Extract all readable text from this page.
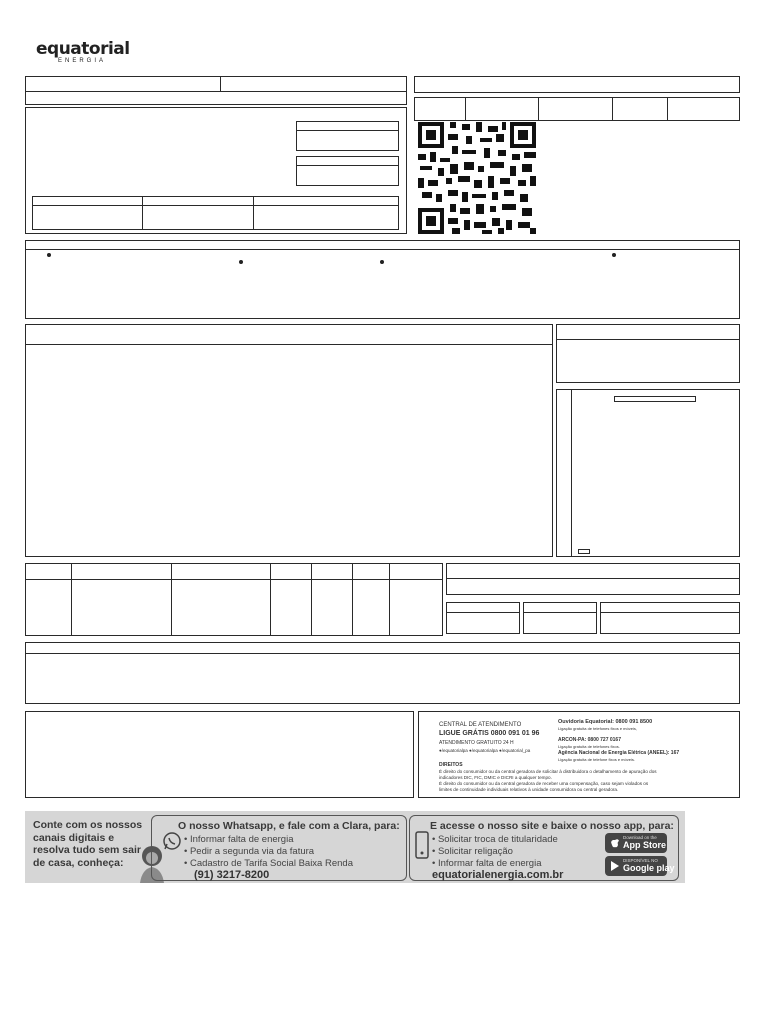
equatorial
ENERGIA
CENTRAL DE ATENDIMENTO
LIGUE GRÁTIS 0800 091 01 96
ATENDIMENTO GRATUITO 24 H
●/equatorialpa ●/equatorialpa ●/equatorial_pa
Ouvidoria Equatorial: 0800 091 8500
Ligação gratuita de telefones fixos e móveis,
ARCON-PA: 0800 727 0167
Ligação gratuita de telefones fixos.
Agência Nacional de Energia Elétrica (ANEEL): 167
Ligação gratuita de telefone fixos e móveis.
DIREITOS
É direito do consumidor ou da central geradora de solicitar à distribuidora o detalhamento de apuração dos
indicadores DIC, FIC, DMIC e DICRI a qualquer tempo.
É direito do consumidor ou da central geradora de receber uma compensação, caso sejam violados os
limites de continuidade individuais relativos à unidade consumidora ou central geradora.
Conte com os nossos canais digitais e resolva tudo sem sair de casa, conheça:
O nosso Whatsapp, e fale com a Clara, para:
• Informar falta de energia
• Pedir a segunda via da fatura
• Cadastro de Tarifa Social Baixa Renda
(91) 3217-8200
E acesse o nosso site e baixe o nosso app, para:
• Solicitar troca de titularidade
• Solicitar religação
• Informar falta de energia
equatorialenergia.com.br
Download on the
App Store
DISPONÍVEL NO
Google play
